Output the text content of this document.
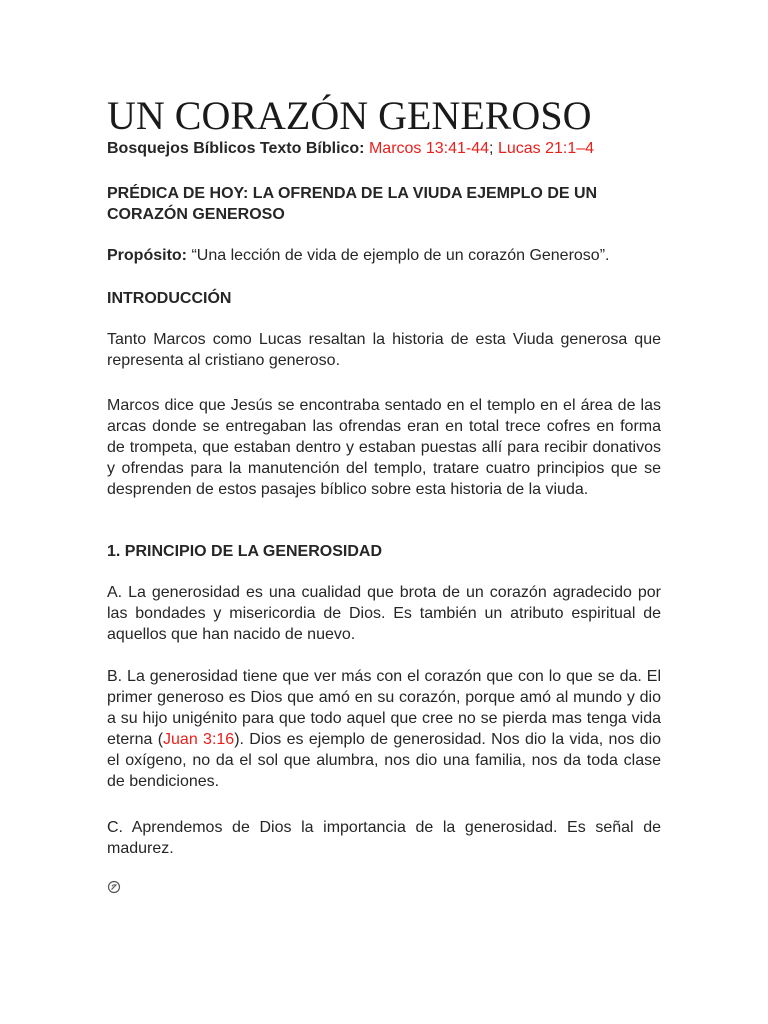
UN CORAZÓN GENEROSO

Bosquejos Bíblicos Texto Bíblico: Marcos 13:41-44; Lucas 21:1–4

PRÉDICA DE HOY: LA OFRENDA DE LA VIUDA EJEMPLO DE UN CORAZÓN GENEROSO

Propósito: “Una lección de vida de ejemplo de un corazón Generoso”.

INTRODUCCIÓN

Tanto Marcos como Lucas resaltan la historia de esta Viuda generosa que representa al cristiano generoso.

Marcos dice que Jesús se encontraba sentado en el templo en el área de las arcas donde se entregaban las ofrendas eran en total trece cofres en forma de trompeta, que estaban dentro y estaban puestas allí para recibir donativos y ofrendas para la manutención del templo, tratare cuatro principios que se desprenden de estos pasajes bíblico sobre esta historia de la viuda.

1. PRINCIPIO DE LA GENEROSIDAD

A. La generosidad es una cualidad que brota de un corazón agradecido por las bondades y misericordia de Dios. Es también un atributo espiritual de aquellos que han nacido de nuevo.

B. La generosidad tiene que ver más con el corazón que con lo que se da. El primer generoso es Dios que amó en su corazón, porque amó al mundo y dio a su hijo unigénito para que todo aquel que cree no se pierda mas tenga vida eterna (Juan 3:16). Dios es ejemplo de generosidad. Nos dio la vida, nos dio el oxígeno, no da el sol que alumbra, nos dio una familia, nos da toda clase de bendiciones.

C. Aprendemos de Dios la importancia de la generosidad. Es señal de madurez.
